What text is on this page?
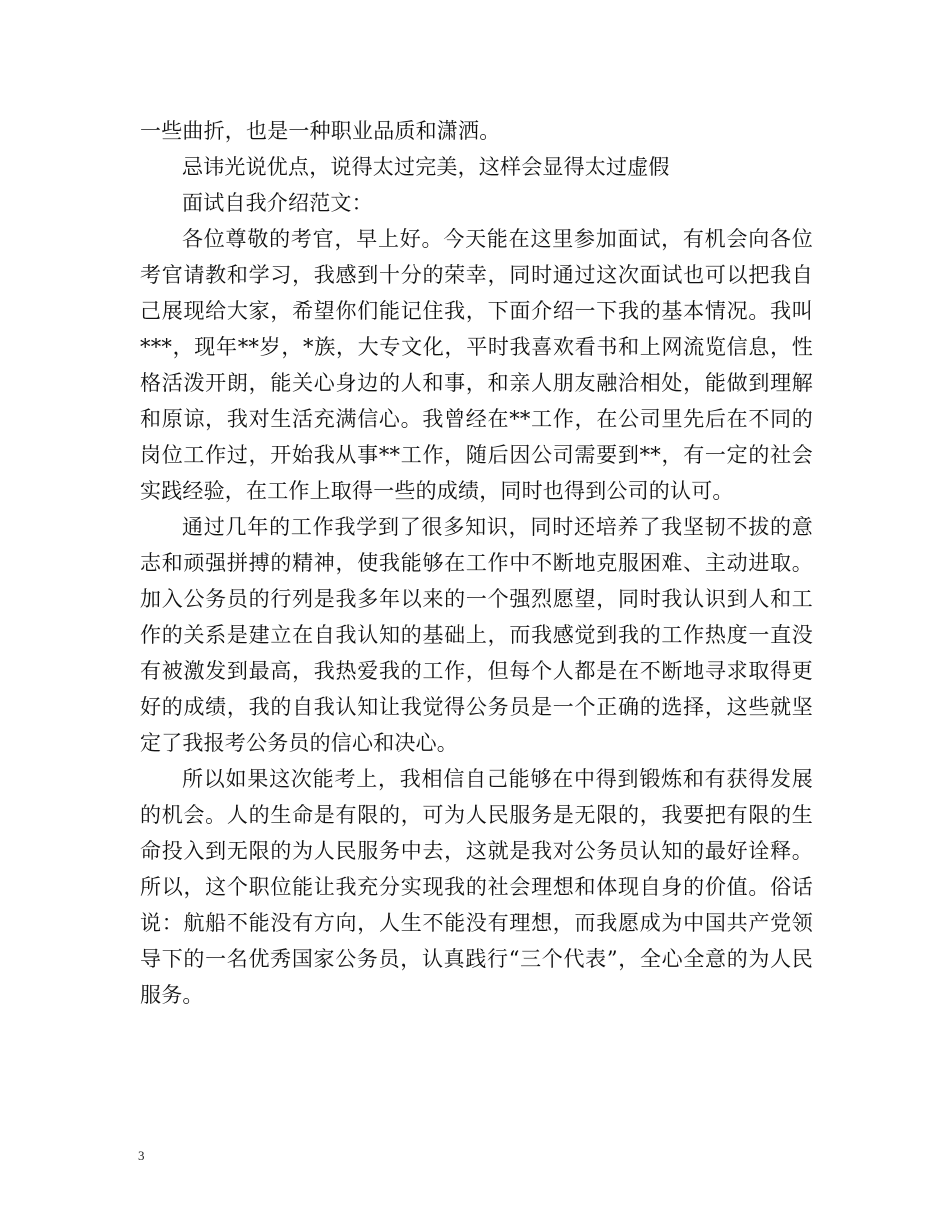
一些曲折，也是一种职业品质和潇洒。

忌讳光说优点，说得太过完美，这样会显得太过虚假

面试自我介绍范文：

各位尊敬的考官，早上好。今天能在这里参加面试，有机会向各位考官请教和学习，我感到十分的荣幸，同时通过这次面试也可以把我自己展现给大家，希望你们能记住我，下面介绍一下我的基本情况。我叫***，现年**岁，*族，大专文化，平时我喜欢看书和上网流览信息，性格活泼开朗，能关心身边的人和事，和亲人朋友融洽相处，能做到理解和原谅，我对生活充满信心。我曾经在**工作，在公司里先后在不同的岗位工作过，开始我从事**工作，随后因公司需要到**，有一定的社会实践经验，在工作上取得一些的成绩，同时也得到公司的认可。

通过几年的工作我学到了很多知识，同时还培养了我坚韧不拔的意志和顽强拼搏的精神，使我能够在工作中不断地克服困难、主动进取。加入公务员的行列是我多年以来的一个强烈愿望，同时我认识到人和工作的关系是建立在自我认知的基础上，而我感觉到我的工作热度一直没有被激发到最高，我热爱我的工作，但每个人都是在不断地寻求取得更好的成绩，我的自我认知让我觉得公务员是一个正确的选择，这些就坚定了我报考公务员的信心和决心。

所以如果这次能考上，我相信自己能够在中得到锻炼和有获得发展的机会。人的生命是有限的，可为人民服务是无限的，我要把有限的生命投入到无限的为人民服务中去，这就是我对公务员认知的最好诠释。所以，这个职位能让我充分实现我的社会理想和体现自身的价值。俗话说：航船不能没有方向，人生不能没有理想，而我愿成为中国共产党领导下的一名优秀国家公务员，认真践行“三个代表”，全心全意的为人民服务。

3
